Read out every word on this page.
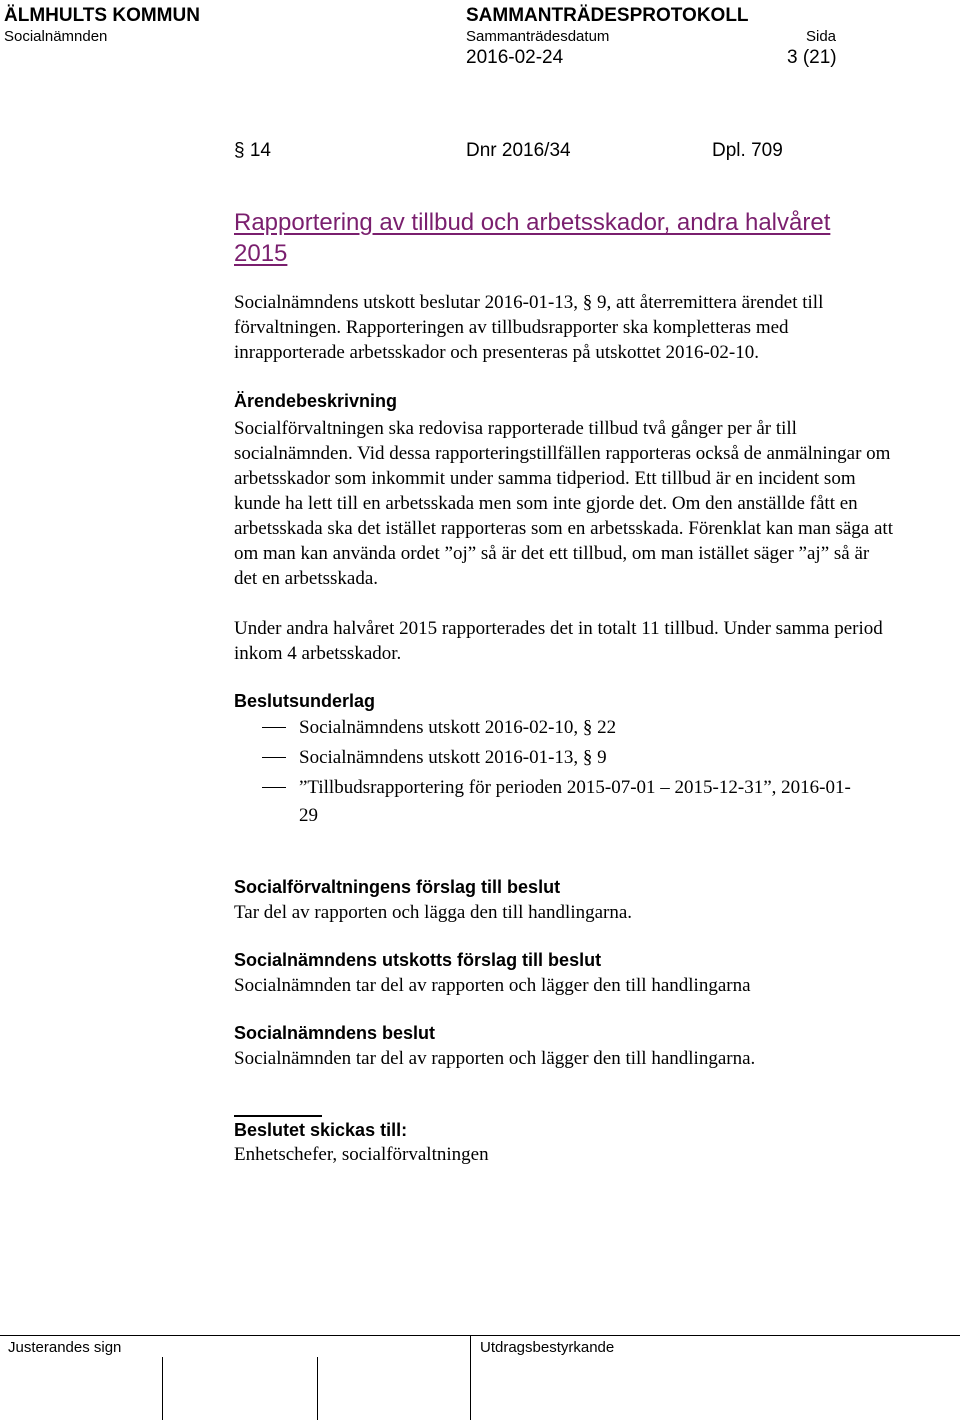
ÄLMHULTS KOMMUN
Socialnämnden
SAMMANTRÄDESPROTOKOLL
Sammanträdesdatum	Sida
2016-02-24	3 (21)
§ 14	Dnr 2016/34	Dpl. 709
Rapportering av tillbud och arbetsskador, andra halvåret 2015
Socialnämndens utskott beslutar 2016-01-13, § 9, att återremittera ärendet till förvaltningen. Rapporteringen av tillbudsrapporter ska kompletteras med inrapporterade arbetsskador och presenteras på utskottet 2016-02-10.
Ärendebeskrivning
Socialförvaltningen ska redovisa rapporterade tillbud två gånger per år till socialnämnden. Vid dessa rapporteringstillfällen rapporteras också de anmälningar om arbetsskador som inkommit under samma tidperiod. Ett tillbud är en incident som kunde ha lett till en arbetsskada men som inte gjorde det. Om den anställde fått en arbetsskada ska det istället rapporteras som en arbetsskada. Förenklat kan man säga att om man kan använda ordet ”oj” så är det ett tillbud, om man istället säger ”aj” så är det en arbetsskada.
Under andra halvåret 2015 rapporterades det in totalt 11 tillbud. Under samma period inkom 4 arbetsskador.
Beslutsunderlag
Socialnämndens utskott 2016-02-10, § 22
Socialnämndens utskott 2016-01-13, § 9
”Tillbudsrapportering för perioden 2015-07-01 – 2015-12-31”, 2016-01-29
Socialförvaltningens förslag till beslut
Tar del av rapporten och lägga den till handlingarna.
Socialnämndens utskotts förslag till beslut
Socialnämnden tar del av rapporten och lägger den till handlingarna
Socialnämndens beslut
Socialnämnden tar del av rapporten och lägger den till handlingarna.
Beslutet skickas till:
Enhetschefer, socialförvaltningen
Justerandes sign	Utdragsbestyrkande
